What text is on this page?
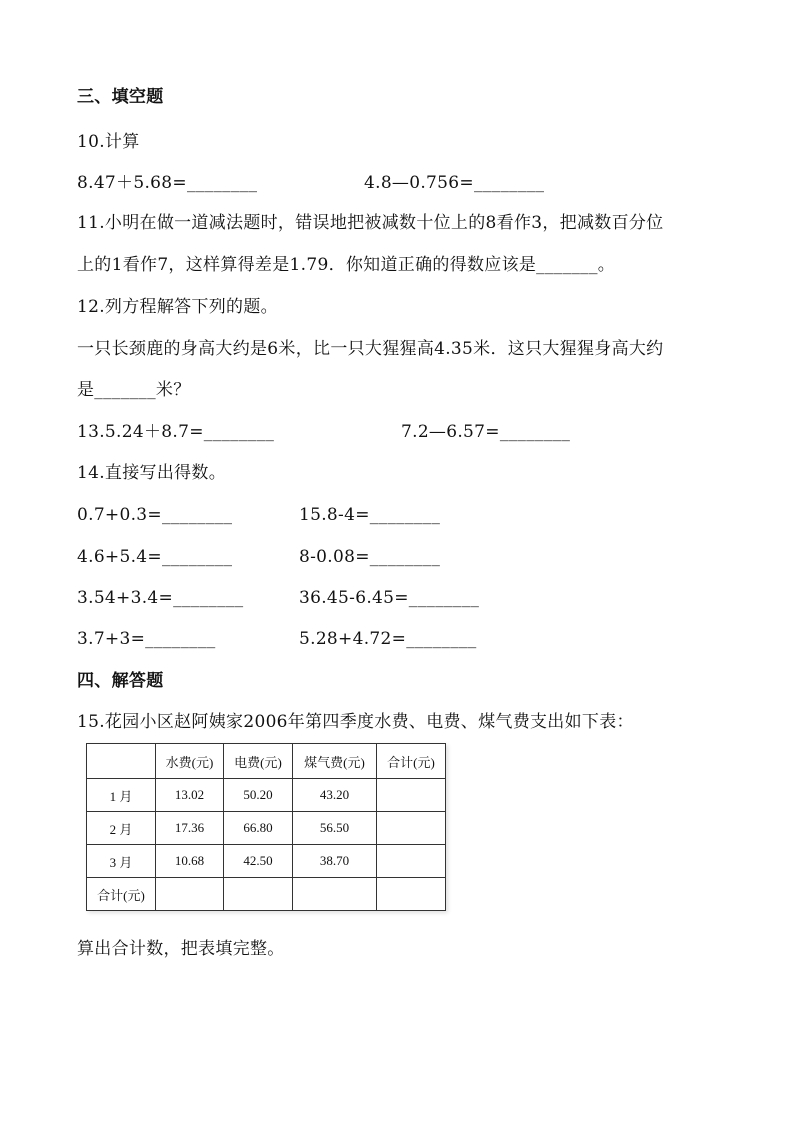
三、填空题
10.计算
8.47＋5.68=________	4.8—0.756=________
11.小明在做一道减法题时，错误地把被减数十位上的8看作3，把减数百分位
上的1看作7，这样算得差是1.79．你知道正确的得数应该是_______。
12.列方程解答下列的题。
一只长颈鹿的身高大约是6米，比一只大猩猩高4.35米．这只大猩猩身高大约
是_______米？
13.5.24＋8.7=________	7.2—6.57=________
14.直接写出得数。
0.7+0.3=________	15.8-4=________
4.6+5.4=________	8-0.08=________
3.54+3.4=________	36.45-6.45=________
3.7+3=________	5.28+4.72=________
四、解答题
15.花园小区赵阿姨家2006年第四季度水费、电费、煤气费支出如下表：
	水费(元)	电费(元)	煤气费(元)	合计(元)
1 月	13.02	50.20	43.20	
2 月	17.36	66.80	56.50	
3 月	10.68	42.50	38.70	
合计(元)				
算出合计数，把表填完整。
